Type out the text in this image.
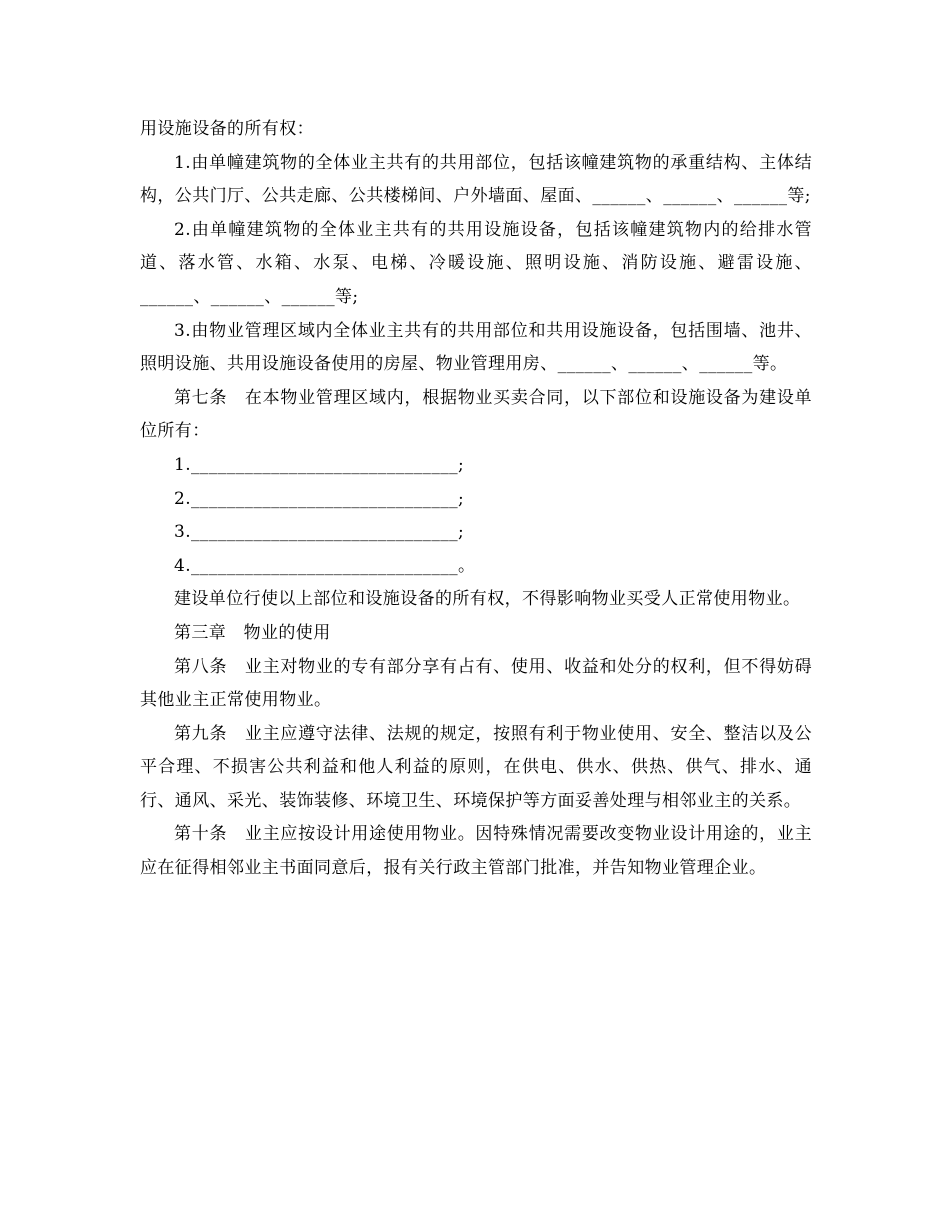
用设施设备的所有权：

1.由单幢建筑物的全体业主共有的共用部位，包括该幢建筑物的承重结构、主体结构，公共门厅、公共走廊、公共楼梯间、户外墙面、屋面、______、______、______等;

2.由单幢建筑物的全体业主共有的共用设施设备，包括该幢建筑物内的给排水管道、落水管、水箱、水泵、电梯、冷暖设施、照明设施、消防设施、避雷设施、______、______、______等;

3.由物业管理区域内全体业主共有的共用部位和共用设施设备，包括围墙、池井、照明设施、共用设施设备使用的房屋、物业管理用房、______、______、______等。

第七条　在本物业管理区域内，根据物业买卖合同，以下部位和设施设备为建设单位所有：

1.______________________________;

2.______________________________;

3.______________________________;

4.______________________________。

建设单位行使以上部位和设施设备的所有权，不得影响物业买受人正常使用物业。

第三章　物业的使用

第八条　业主对物业的专有部分享有占有、使用、收益和处分的权利，但不得妨碍其他业主正常使用物业。

第九条　业主应遵守法律、法规的规定，按照有利于物业使用、安全、整洁以及公平合理、不损害公共利益和他人利益的原则，在供电、供水、供热、供气、排水、通行、通风、采光、装饰装修、环境卫生、环境保护等方面妥善处理与相邻业主的关系。

第十条　业主应按设计用途使用物业。因特殊情况需要改变物业设计用途的，业主应在征得相邻业主书面同意后，报有关行政主管部门批准，并告知物业管理企业。
